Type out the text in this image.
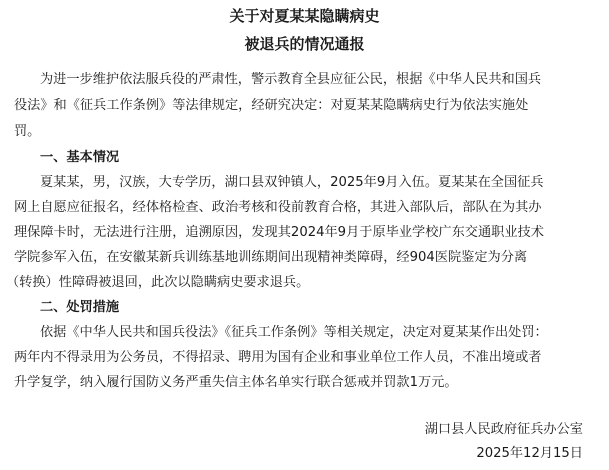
关于对夏某某隐瞒病史
被退兵的情况通报
为进一步维护依法服兵役的严肃性，警示教育全县应征公民，根据《中华人民共和国兵
役法》和《征兵工作条例》等法律规定，经研究决定：对夏某某隐瞒病史行为依法实施处
罚。
一、基本情况
夏某某，男，汉族，大专学历，湖口县双钟镇人，2025年9月入伍。夏某某在全国征兵
网上自愿应征报名，经体格检查、政治考核和役前教育合格，其进入部队后，部队在为其办
理保障卡时，无法进行注册，追溯原因，发现其2024年9月于原毕业学校广东交通职业技术
学院参军入伍，在安徽某新兵训练基地训练期间出现精神类障碍，经904医院鉴定为分离
（转换）性障碍被退回，此次以隐瞒病史要求退兵。
二、处罚措施
依据《中华人民共和国兵役法》《征兵工作条例》等相关规定，决定对夏某某作出处罚：
两年内不得录用为公务员，不得招录、聘用为国有企业和事业单位工作人员，不准出境或者
升学复学，纳入履行国防义务严重失信主体名单实行联合惩戒并罚款1万元。
湖口县人民政府征兵办公室
2025年12月15日
